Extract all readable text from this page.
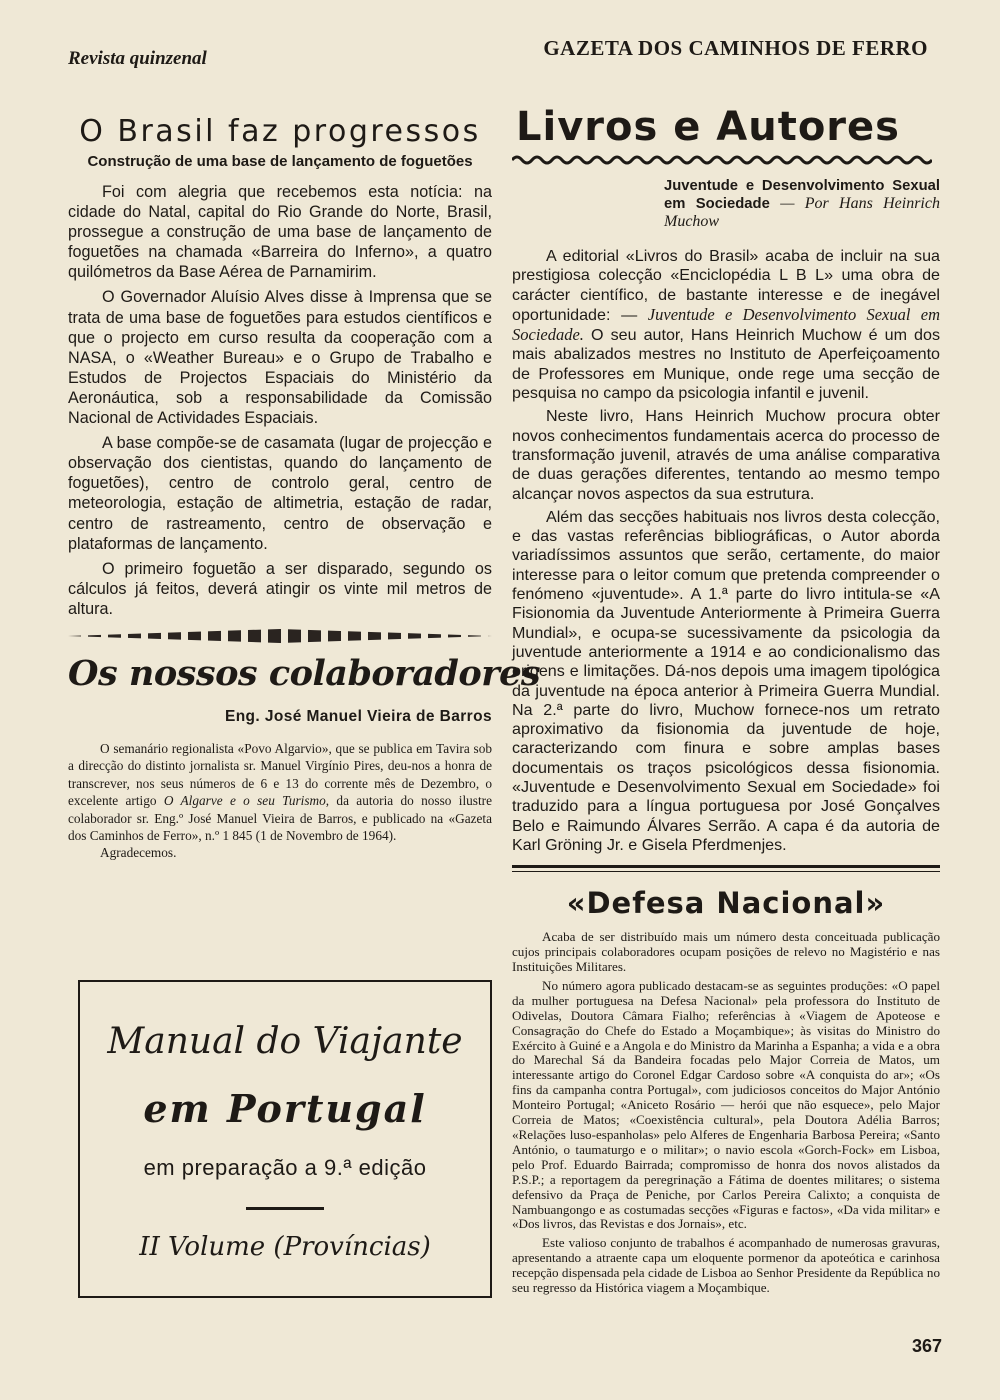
Revista quinzenal	GAZETA DOS CAMINHOS DE FERRO
O Brasil faz progressos
Construção de uma base de lançamento de foguetões

Foi com alegria que recebemos esta notícia: na cidade do Natal, capital do Rio Grande do Norte, Brasil, prossegue a construção de uma base de lançamento de foguetões na chamada «Barreira do Inferno», a quatro quilómetros da Base Aérea de Parnamirim.

O Governador Aluísio Alves disse à Imprensa que se trata de uma base de foguetões para estudos científicos e que o projecto em curso resulta da cooperação com a NASA, o «Weather Bureau» e o Grupo de Trabalho e Estudos de Projectos Espaciais do Ministério da Aeronáutica, sob a responsabilidade da Comissão Nacional de Actividades Espaciais.

A base compõe-se de casamata (lugar de projecção e observação dos cientistas, quando do lançamento de foguetões), centro de controlo geral, centro de meteorologia, estação de altimetria, estação de radar, centro de rastreamento, centro de observação e plataformas de lançamento.

O primeiro foguetão a ser disparado, segundo os cálculos já feitos, deverá atingir os vinte mil metros de altura.

Os nossos colaboradores
Eng. José Manuel Vieira de Barros

O semanário regionalista «Povo Algarvio», que se publica em Tavira sob a direcção do distinto jornalista sr. Manuel Virgínio Pires, deu-nos a honra de transcrever, nos seus números de 6 e 13 do corrente mês de Dezembro, o excelente artigo O Algarve e o seu Turismo, da autoria do nosso ilustre colaborador sr. Eng.º José Manuel Vieira de Barros, e publicado na «Gazeta dos Caminhos de Ferro», n.º 1 845 (1 de Novembro de 1964).

Agradecemos.

Manual do Viajante
em Portugal
em preparação a 9.ª edição
II Volume (Províncias)
Livros e Autores
Juventude e Desenvolvimento Sexual em Sociedade — Por Hans Heinrich Muchow

A editorial «Livros do Brasil» acaba de incluir na sua prestigiosa colecção «Enciclopédia L B L» uma obra de carácter científico, de bastante interesse e de inegável oportunidade: — Juventude e Desenvolvimento Sexual em Sociedade. O seu autor, Hans Heinrich Muchow é um dos mais abalizados mestres no Instituto de Aperfeiçoamento de Professores em Munique, onde rege uma secção de pesquisa no campo da psicologia infantil e juvenil.

Neste livro, Hans Heinrich Muchow procura obter novos conhecimentos fundamentais acerca do processo de transformação juvenil, através de uma análise comparativa de duas gerações diferentes, tentando ao mesmo tempo alcançar novos aspectos da sua estrutura.

Além das secções habituais nos livros desta colecção, e das vastas referências bibliográficas, o Autor aborda variadíssimos assuntos que serão, certamente, do maior interesse para o leitor comum que pretenda compreender o fenómeno «juventude». A 1.ª parte do livro intitula-se «A Fisionomia da Juventude Anteriormente à Primeira Guerra Mundial», e ocupa-se sucessivamente da psicologia da juventude anteriormente a 1914 e ao condicionalismo das origens e limitações. Dá-nos depois uma imagem tipológica da juventude na época anterior à Primeira Guerra Mundial. Na 2.ª parte do livro, Muchow fornece-nos um retrato aproximativo da fisionomia da juventude de hoje, caracterizando com finura e sobre amplas bases documentais os traços psicológicos dessa fisionomia. «Juventude e Desenvolvimento Sexual em Sociedade» foi traduzido para a língua portuguesa por José Gonçalves Belo e Raimundo Álvares Serrão. A capa é da autoria de Karl Gröning Jr. e Gisela Pferdmenjes.

«Defesa Nacional»

Acaba de ser distribuído mais um número desta conceituada publicação cujos principais colaboradores ocupam posições de relevo no Magistério e nas Instituições Militares.

No número agora publicado destacam-se as seguintes produções: «O papel da mulher portuguesa na Defesa Nacional» pela professora do Instituto de Odivelas, Doutora Câmara Fialho; referências à «Viagem de Apoteose e Consagração do Chefe do Estado a Moçambique»; às visitas do Ministro do Exército à Guiné e a Angola e do Ministro da Marinha a Espanha; a vida e a obra do Marechal Sá da Bandeira focadas pelo Major Correia de Matos, um interessante artigo do Coronel Edgar Cardoso sobre «A conquista do ar»; «Os fins da campanha contra Portugal», com judiciosos conceitos do Major António Monteiro Portugal; «Aniceto Rosário — herói que não esquece», pelo Major Correia de Matos; «Coexistência cultural», pela Doutora Adélia Barros; «Relações luso-espanholas» pelo Alferes de Engenharia Barbosa Pereira; «Santo António, o taumaturgo e o militar»; o navio escola «Gorch-Fock» em Lisboa, pelo Prof. Eduardo Bairrada; compromisso de honra dos novos alistados da P.S.P.; a reportagem da peregrinação a Fátima de doentes militares; o sistema defensivo da Praça de Peniche, por Carlos Pereira Calixto; a conquista de Nambuangongo e as costumadas secções «Figuras e factos», «Da vida militar» e «Dos livros, das Revistas e dos Jornais», etc.

Este valioso conjunto de trabalhos é acompanhado de numerosas gravuras, apresentando a atraente capa um eloquente pormenor da apoteótica e carinhosa recepção dispensada pela cidade de Lisboa ao Senhor Presidente da República no seu regresso da Histórica viagem a Moçambique.

367
